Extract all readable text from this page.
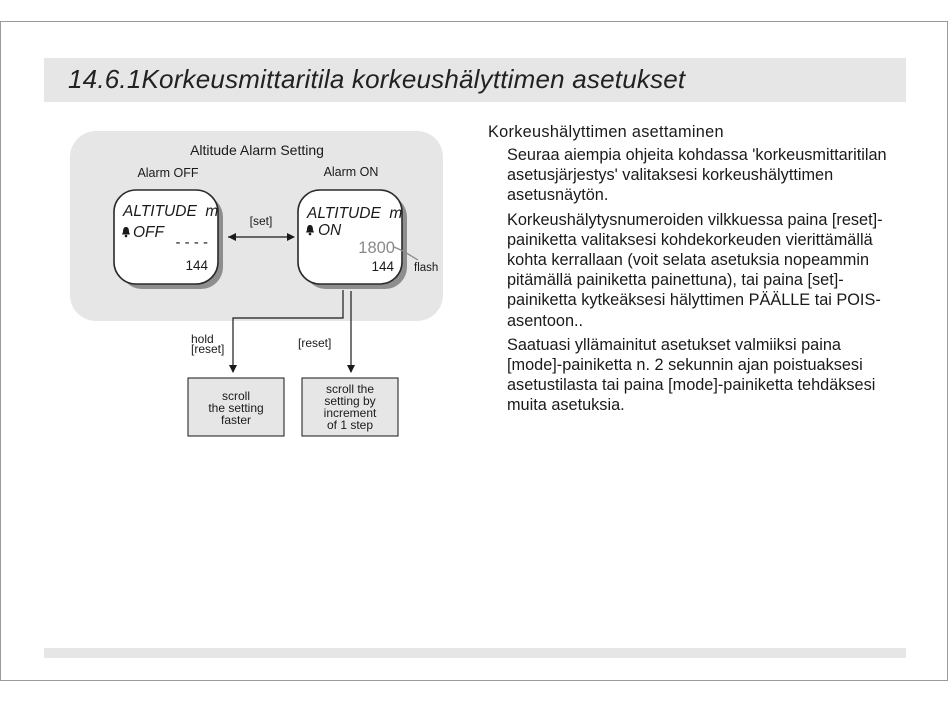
14.6.1Korkeusmittaritila korkeushälyttimen asetukset
Altitude Alarm Setting
Alarm OFF	Alarm ON
ALTITUDE  m
OFF
- - - -
144
ALTITUDE  m
ON
1800
144 flash
[set]
hold
[reset]	[reset]
scroll
the setting
faster
scroll the
setting by
increment
of 1 step
Korkeushälyttimen asettaminen

Seuraa aiempia ohjeita kohdassa 'korkeusmittaritilan asetusjärjestys' valitaksesi korkeushälyttimen asetusnäytön.

Korkeushälytysnumeroiden vilkkuessa paina [reset]-painiketta valitaksesi kohdekorkeuden vierittämällä kohta kerrallaan (voit selata asetuksia nopeammin pitämällä painiketta painettuna), tai paina [set]-painiketta kytkeäksesi hälyttimen PÄÄLLE tai POIS-asentoon..

Saatuasi yllämainitut asetukset valmiiksi paina [mode]-painiketta n. 2 sekunnin ajan poistuaksesi asetustilasta tai paina [mode]-painiketta tehdäksesi muita asetuksia.
